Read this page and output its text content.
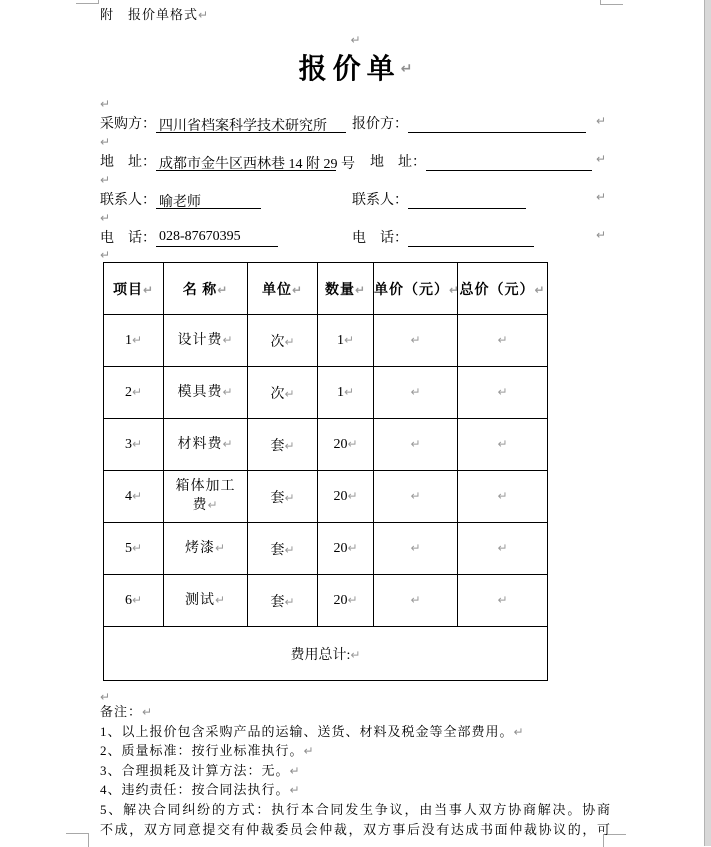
附　报价单格式↵
↵
报价单↵
↵
↵
↵
↵
↵
↵
采购方： 四川省档案科学技术研究所 报价方：	↵
地　址： 成都市金牛区西林巷 14 附 29 号 地　址：	↵
联系人： 喻老师	联系人：	↵
电　话： 028-87670395	电　话：	↵
项目↵	名 称↵	单位↵	数量↵	单价（元）↵	总价（元）↵
1↵	设计费↵	次↵	1↵	↵	↵
2↵	模具费↵	次↵	1↵	↵	↵
3↵	材料费↵	套↵	20↵	↵	↵
4↵	箱体加工费↵	套↵	20↵	↵	↵
5↵	烤漆↵	套↵	20↵	↵	↵
6↵	测试↵	套↵	20↵	↵	↵
费用总计:↵					
备注：↵
1、以上报价包含采购产品的运输、送货、材料及税金等全部费用。↵
2、质量标准：按行业标准执行。↵
3、合理损耗及计算方法：无。↵
4、违约责任：按合同法执行。↵
5、解决合同纠纷的方式：执行本合同发生争议，由当事人双方协商解决。协商
不成，双方同意提交有仲裁委员会仲裁，双方事后没有达成书面仲裁协议的，可
